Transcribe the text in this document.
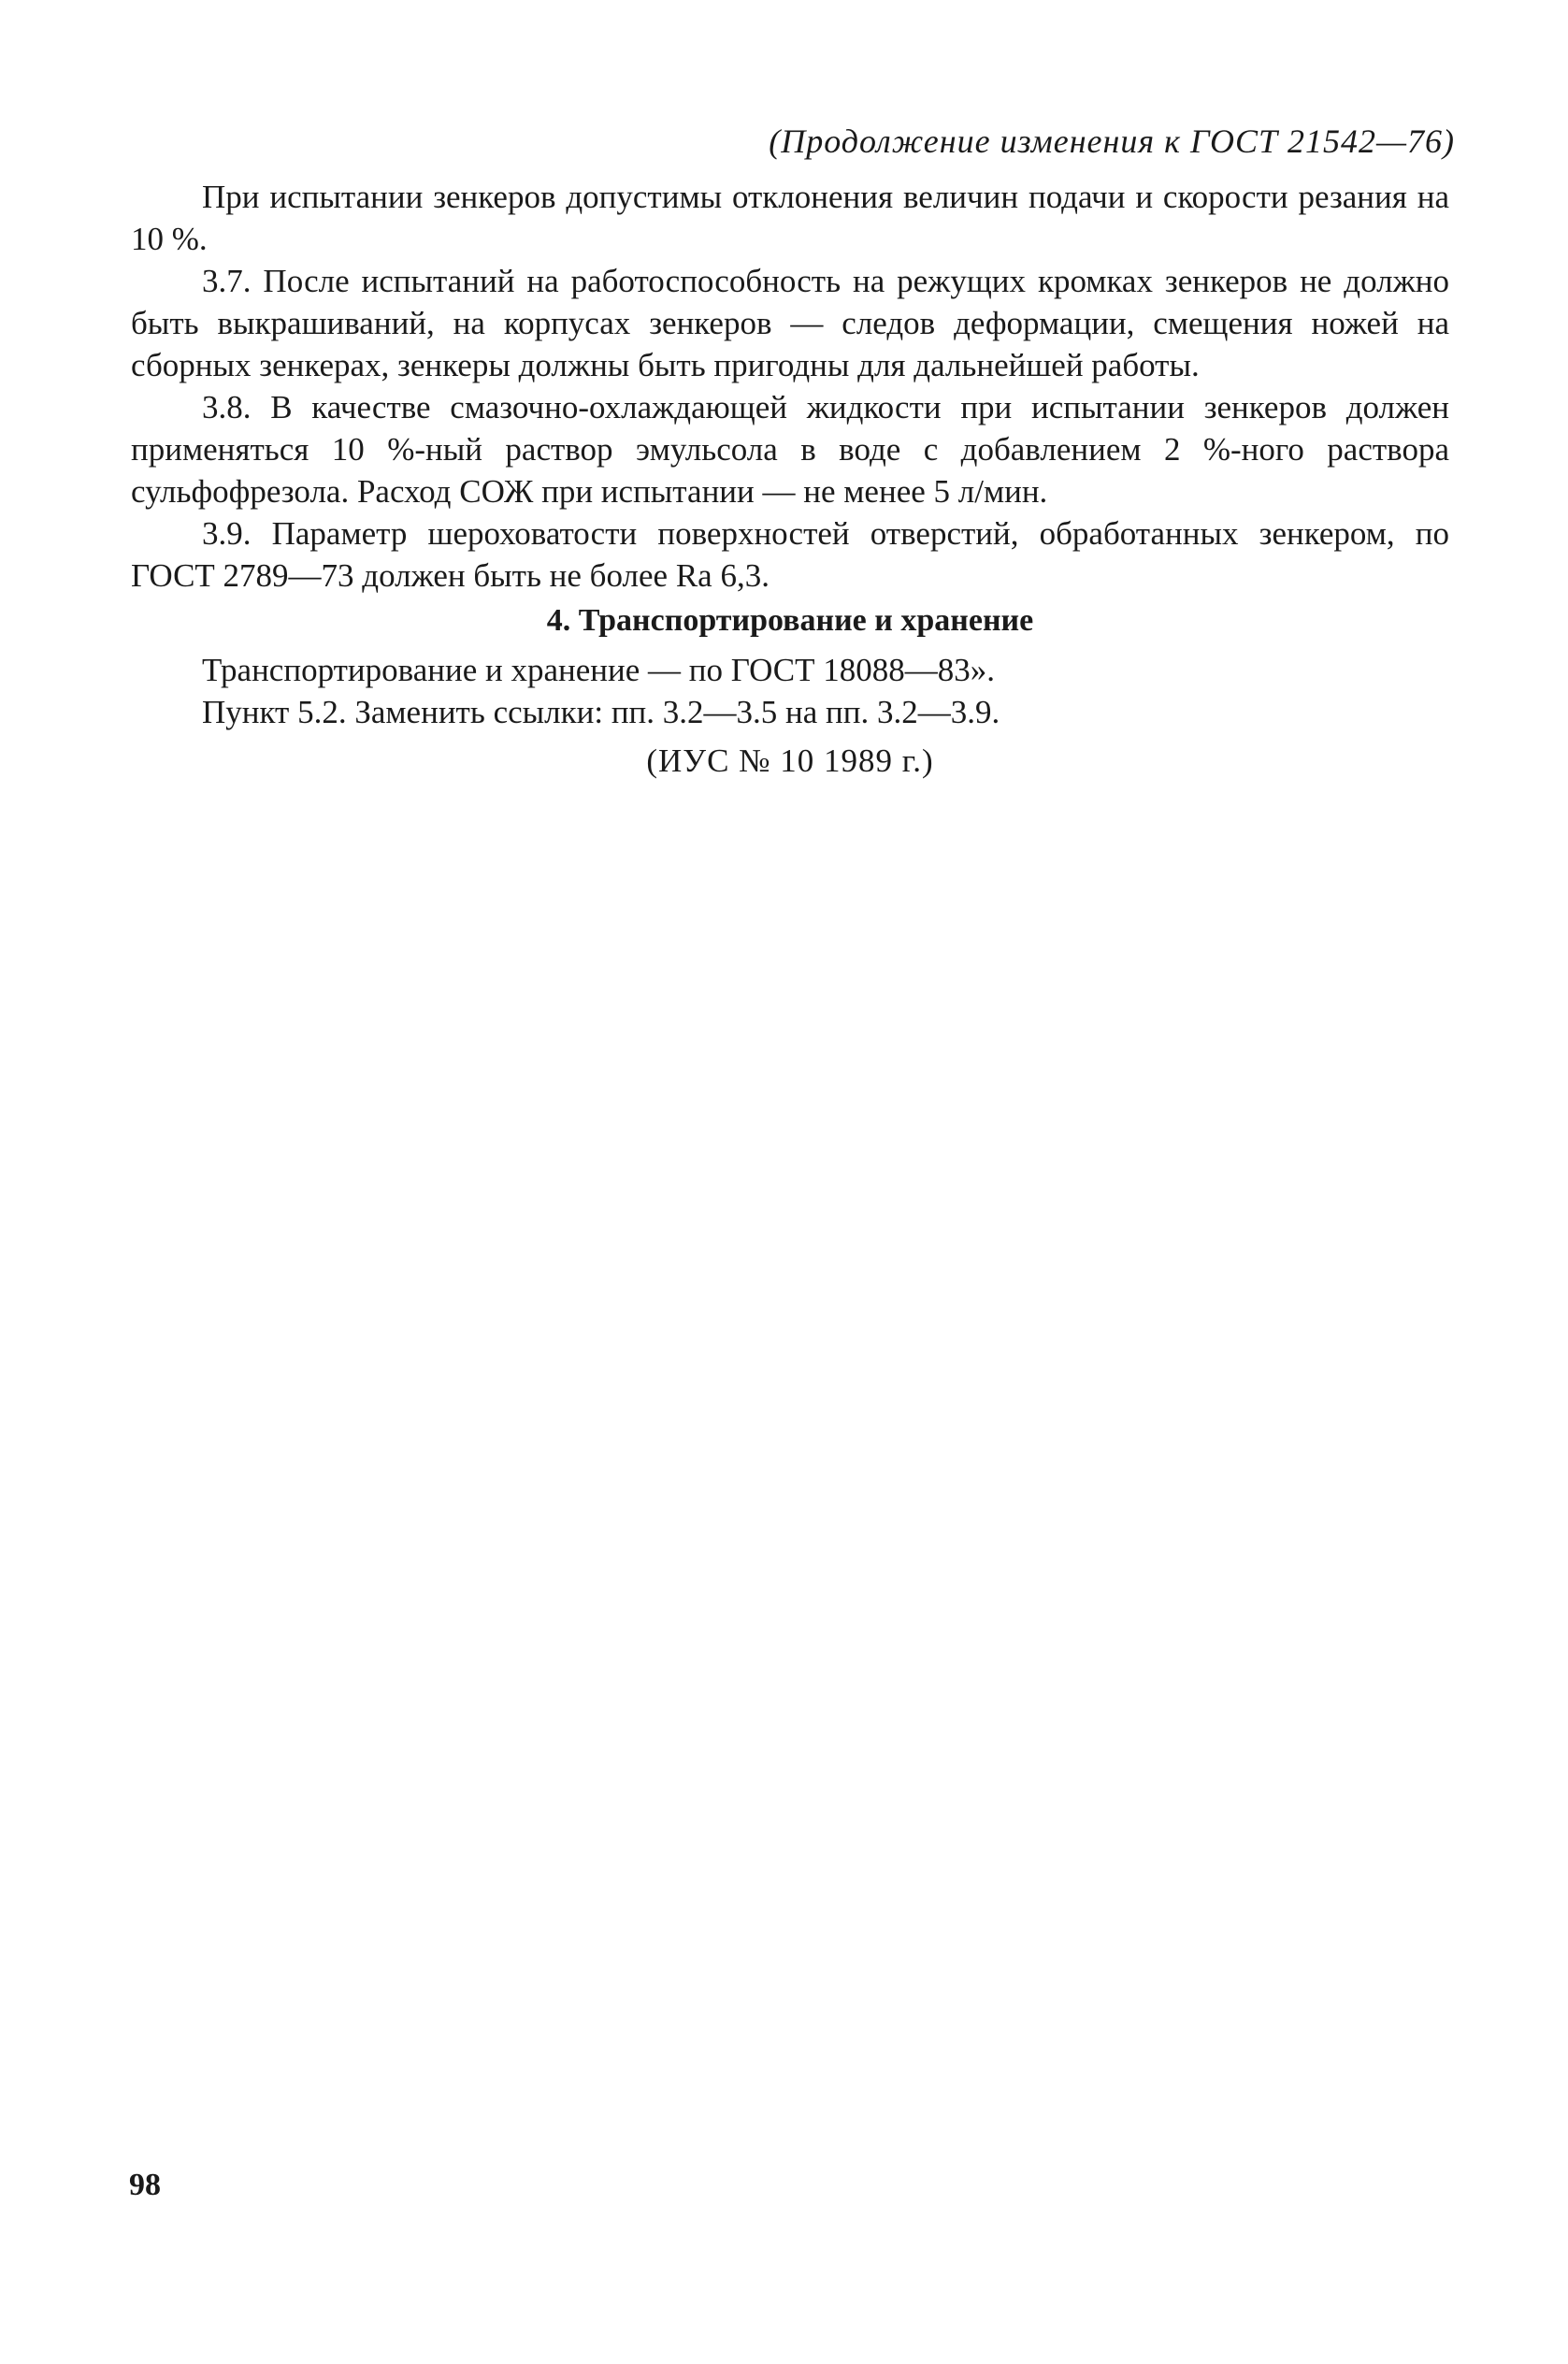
(Продолжение изменения к ГОСТ 21542—76)

При испытании зенкеров допустимы отклонения величин подачи и скорости резания на 10 %.

3.7. После испытаний на работоспособность на режущих кромках зенкеров не должно быть выкрашиваний, на корпусах зенкеров — следов деформации, смещения ножей на сборных зенкерах, зенкеры должны быть пригодны для дальнейшей работы.

3.8. В качестве смазочно-охлаждающей жидкости при испытании зенкеров должен применяться 10 %-ный раствор эмульсола в воде с добавлением 2 %-ного раствора сульфофрезола. Расход СОЖ при испытании — не менее 5 л/мин.

3.9. Параметр шероховатости поверхностей отверстий, обработанных зенкером, по ГОСТ 2789—73 должен быть не более Ra 6,3.

4. Транспортирование и хранение

Транспортирование и хранение — по ГОСТ 18088—83».

Пункт 5.2. Заменить ссылки: пп. 3.2—3.5 на пп. 3.2—3.9.

(ИУС № 10 1989 г.)
98
